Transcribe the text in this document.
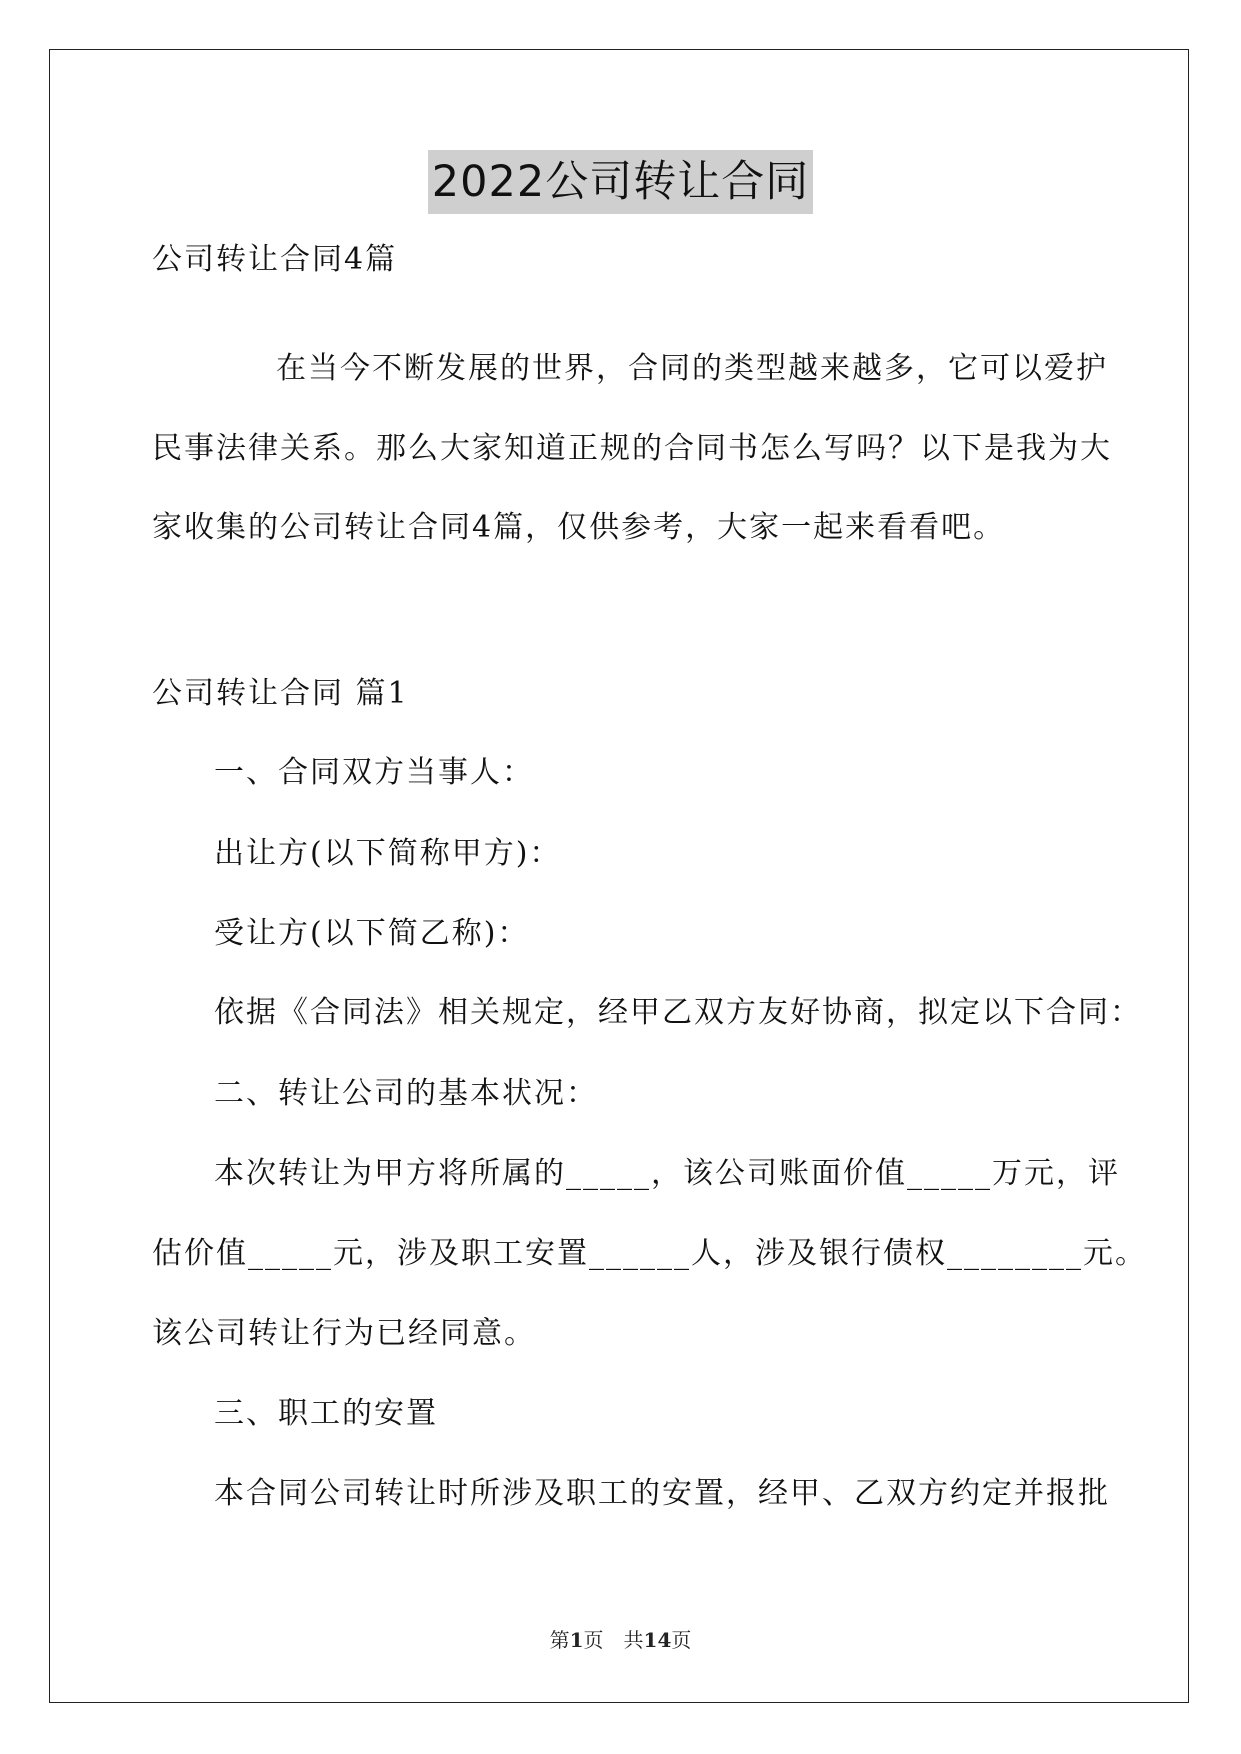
2022公司转让合同
公司转让合同4篇
在当今不断发展的世界，合同的类型越来越多，它可以爱护
民事法律关系。那么大家知道正规的合同书怎么写吗？以下是我为大
家收集的公司转让合同4篇，仅供参考，大家一起来看看吧。
公司转让合同 篇1
一、合同双方当事人：
出让方(以下简称甲方)：
受让方(以下简乙称)：
依据《合同法》相关规定，经甲乙双方友好协商，拟定以下合同：
二、转让公司的基本状况：
本次转让为甲方将所属的_____，该公司账面价值_____万元，评
估价值_____元，涉及职工安置______人，涉及银行债权________元。
该公司转让行为已经同意。
三、职工的安置
本合同公司转让时所涉及职工的安置，经甲、乙双方约定并报批
第1页　共14页
